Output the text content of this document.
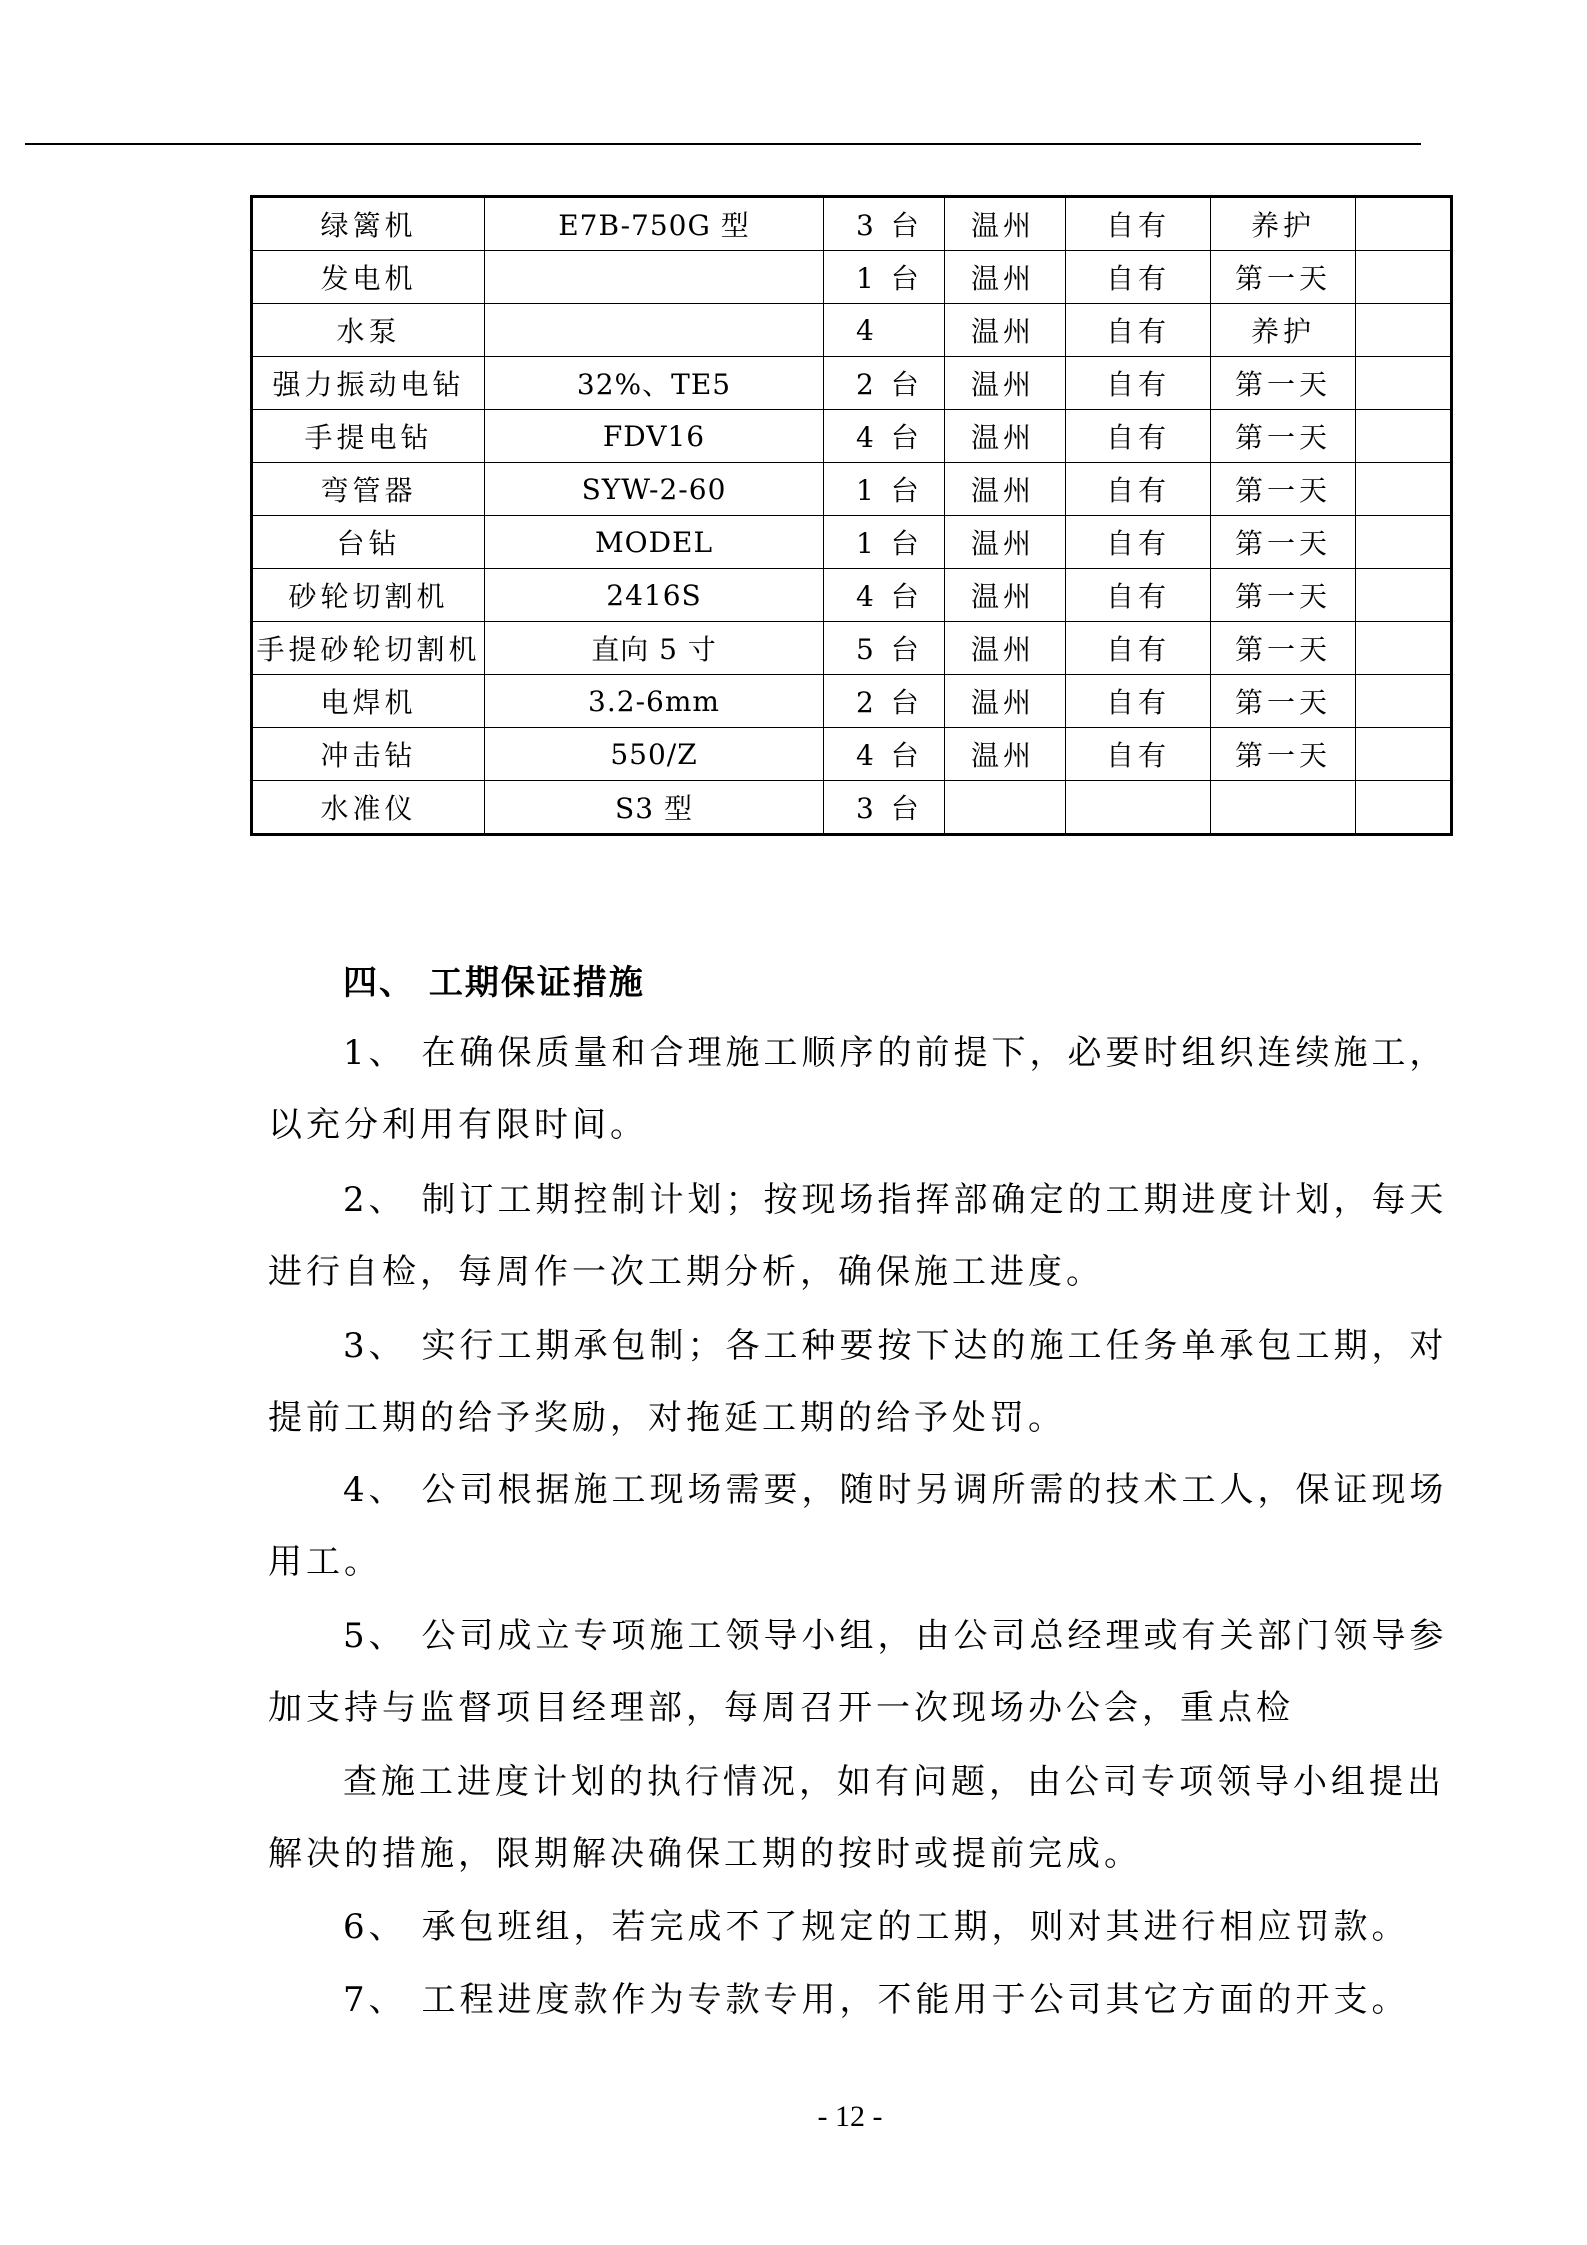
绿篱机	E7B-750G 型	3 台	温州	自有	养护	
发电机		1 台	温州	自有	第一天	
水泵		4	温州	自有	养护	
强力振动电钻	32%、TE5	2 台	温州	自有	第一天	
手提电钻	FDV16	4 台	温州	自有	第一天	
弯管器	SYW-2-60	1 台	温州	自有	第一天	
台钻	MODEL	1 台	温州	自有	第一天	
砂轮切割机	2416S	4 台	温州	自有	第一天	
手提砂轮切割机	直向 5 寸	5 台	温州	自有	第一天	
电焊机	3.2-6mm	2 台	温州	自有	第一天	
冲击钻	550/Z	4 台	温州	自有	第一天	
水准仪	S3 型	3 台				
四、 工期保证措施
1、 在确保质量和合理施工顺序的前提下，必要时组织连续施工，
以充分利用有限时间。
2、 制订工期控制计划；按现场指挥部确定的工期进度计划，每天
进行自检，每周作一次工期分析，确保施工进度。
3、 实行工期承包制；各工种要按下达的施工任务单承包工期，对
提前工期的给予奖励，对拖延工期的给予处罚。
4、 公司根据施工现场需要，随时另调所需的技术工人，保证现场
用工。
5、 公司成立专项施工领导小组，由公司总经理或有关部门领导参
加支持与监督项目经理部，每周召开一次现场办公会，重点检
查施工进度计划的执行情况，如有问题，由公司专项领导小组提出
解决的措施，限期解决确保工期的按时或提前完成。
6、 承包班组，若完成不了规定的工期，则对其进行相应罚款。
7、 工程进度款作为专款专用，不能用于公司其它方面的开支。
- 12 -
